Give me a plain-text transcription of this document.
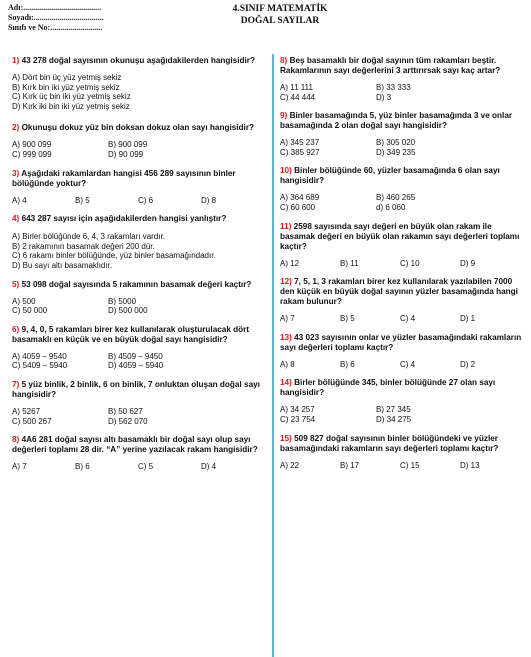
Adı:.......................................
Soyadı:...................................
Sınıfı ve No:..........................
4.SINIF MATEMATİK
DOĞAL SAYILAR
1) 43 278 doğal sayısının okunuşu aşağıdakilerden hangisidir?
A) Dört bin üç yüz yetmiş sekiz
B) Kırk bin iki yüz yetmiş sekiz
C) Kırk üç bin iki yüz yetmiş sekiz
D) Kırk iki bin iki yüz yetmiş sekiz
2) Okunuşu dokuz yüz bin doksan dokuz olan sayı hangisidir?
A) 900 099	B) 900 099
C) 999 099	D) 90 099
3) Aşağıdaki rakamlardan hangisi 456 289 sayısının binler bölüğünde yoktur?
A) 4	B) 5	C) 6	D) 8
4) 643 287 sayısı için aşağıdakilerden hangisi yanlıştır?
A) Birler bölüğünde 6, 4, 3 rakamları vardır.
B) 2 rakamının basamak değeri 200 dür.
C) 6 rakamı binler bölüğünde, yüz binler basamağındadır.
D) Bu sayı altı basamaklıdır.
5) 53 098 doğal sayısında 5 rakamının basamak değeri kaçtır?
A) 500	B) 5000
C) 50 000	D) 500 000
6) 9, 4, 0, 5 rakamları birer kez kullanılarak oluşturulacak dört basamaklı en küçük ve en büyük doğal sayı hangisidir?
A) 4059 – 9540	B) 4509 – 9450
C) 5409 – 5940	D) 4059 – 5940
7) 5 yüz binlik, 2 binlik, 6 on binlik, 7 onluktan oluşan doğal sayı hangisidir?
A) 5267	B) 50 627
C) 500 267	D) 562 070
8) 4A6 281 doğal sayısı altı basamaklı bir doğal sayı olup sayı değerleri toplamı 28 dir. “A” yerine yazılacak rakam hangisidir?
A) 7	B) 6	C) 5	D) 4
8) Beş basamaklı bir doğal sayının tüm rakamları beştir. Rakamlarının sayı değerlerini 3 arttırırsak sayı kaç artar?
A) 11 111	B) 33 333
C) 44 444	D) 3
9) Binler basamağında 5, yüz binler basamağında 3 ve onlar basamağında 2 olan doğal sayı hangisidir?
A) 345 237	B) 305 020
C) 385 927	D) 349 235
10) Binler bölüğünde 60, yüzler basamağında 6 olan sayı hangisidir?
A) 364 689	B) 460 265
C) 60 600	d) 6 060
11) 2598 sayısında sayı değeri en büyük olan rakam ile basamak değeri en büyük olan rakamın sayı değerleri toplamı kaçtır?
A) 12	B) 11	C) 10	D) 9
12) 7, 5, 1, 3 rakamları birer kez kullanılarak yazılabilen 7000 den küçük en büyük doğal sayının yüzler basamağında hangi rakam bulunur?
A) 7	B) 5	C) 4	D) 1
13) 43 023 sayısının onlar ve yüzler basamağındaki rakamların sayı değerleri toplamı kaçtır?
A) 8	B) 6	C) 4	D) 2
14) Birler bölüğünde 345, binler bölüğünde 27 olan sayı hangisidir?
A) 34 257	B) 27 345
C) 23 754	D) 34 275
15) 509 827 doğal sayısının binler bölüğündeki ve yüzler basamağındaki rakamların sayı değerleri toplamı kaçtır?
A) 22	B) 17	C) 15	D) 13
